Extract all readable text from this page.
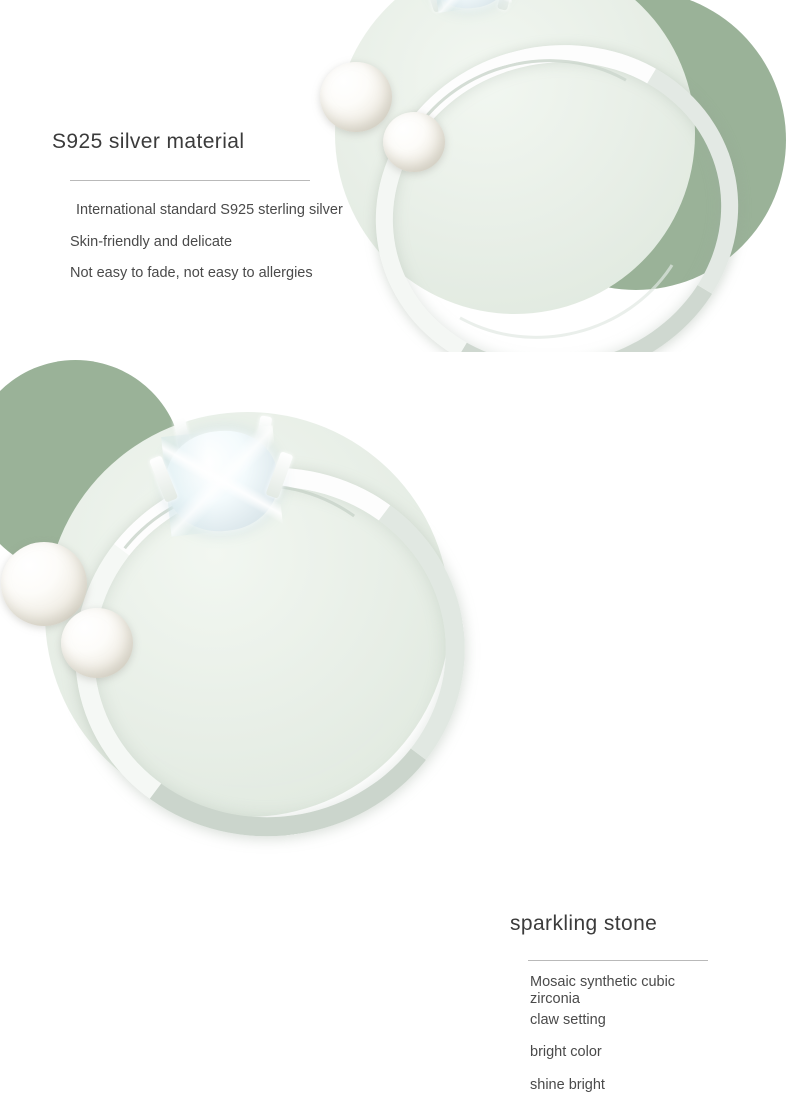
S925 silver material
International standard S925 sterling silver
Skin-friendly and delicate
Not easy to fade, not easy to allergies
sparkling stone
Mosaic synthetic cubic zirconia
claw setting
bright color
shine bright
